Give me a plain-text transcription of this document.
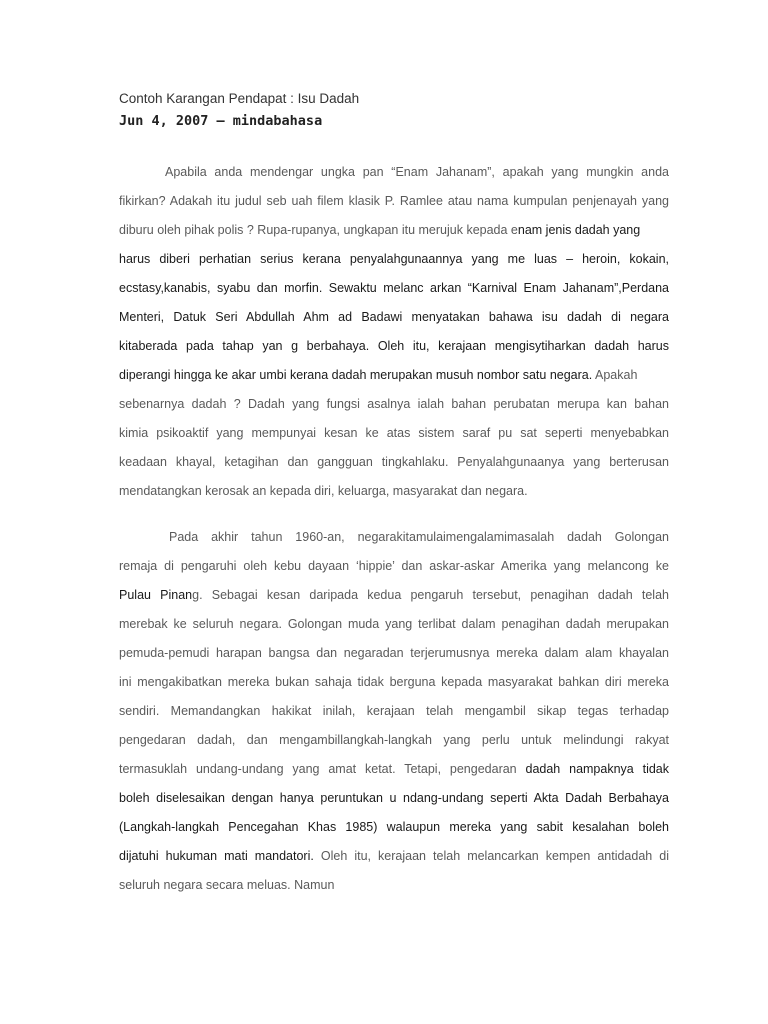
Contoh Karangan Pendapat : Isu Dadah
Jun 4, 2007 — mindabahasa
Apabila anda mendengar ungka pan “Enam Jahanam”, apakah yang mungkin anda
fikirkan? Adakah itu judul seb uah filem klasik P. Ramlee atau nama kumpulan penjenayah yang
diburu oleh pihak polis ? Rupa-rupanya, ungkapan itu merujuk kepada enam jenis dadah yang
harus diberi perhatian serius kerana penyalahgunaannya yang me luas – heroin, kokain,
ecstasy,kanabis, syabu dan morfin. Sewaktu melanc arkan “Karnival Enam Jahanam”,Perdana
Menteri, Datuk Seri Abdullah Ahm ad Badawi menyatakan bahawa isu dadah di negara
kitaberada pada tahap yan g berbahaya. Oleh itu, kerajaan mengisytiharkan dadah harus
diperangi hingga ke akar umbi kerana dadah merupakan musuh nombor satu negara. Apakah
sebenarnya dadah ? Dadah yang fungsi asalnya ialah bahan perubatan merupa kan bahan
kimia psikoaktif yang mempunyai kesan ke atas sistem saraf pu sat seperti menyebabkan
keadaan khayal, ketagihan dan gangguan tingkahlaku. Penyalahgunaanya yang berterusan
mendatangkan kerosak an kepada diri, keluarga, masyarakat dan negara.
Pada akhir tahun 1960-an, negarakitamulaimengalamimasalah dadah Golongan
remaja di pengaruhi oleh kebu dayaan ‘hippie’ dan askar-askar Amerika yang melancong ke
Pulau Pinang. Sebagai kesan daripada kedua pengaruh tersebut, penagihan dadah telah
merebak ke seluruh negara. Golongan muda yang terlibat dalam penagihan dadah merupakan
pemuda-pemudi harapan bangsa dan negaradan terjerumusnya mereka dalam alam khayalan
ini mengakibatkan mereka bukan sahaja tidak berguna kepada masyarakat bahkan diri mereka
sendiri. Memandangkan hakikat inilah, kerajaan telah mengambil sikap tegas terhadap
pengedaran dadah, dan mengambillangkah-langkah yang perlu untuk melindungi rakyat
termasuklah undang-undang yang amat ketat. Tetapi, pengedaran dadah nampaknya tidak
boleh diselesaikan dengan hanya peruntukan u ndang-undang seperti Akta Dadah Berbahaya
(Langkah-langkah Pencegahan Khas 1985) walaupun mereka yang sabit kesalahan boleh
dijatuhi hukuman mati mandatori. Oleh itu, kerajaan telah melancarkan kempen antidadah di
seluruh negara secara meluas. Namun
